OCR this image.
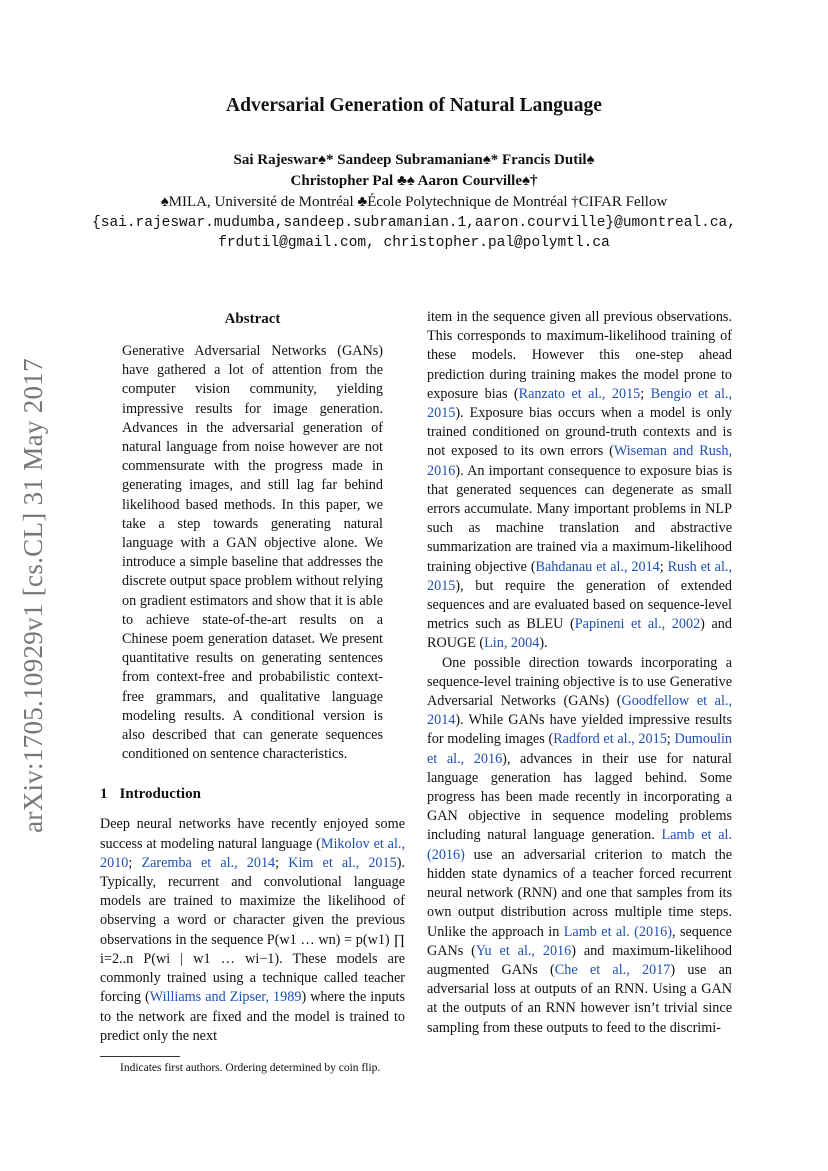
arXiv:1705.10929v1 [cs.CL] 31 May 2017
Adversarial Generation of Natural Language
Sai Rajeswar♠* Sandeep Subramanian♠* Francis Dutil♠
Christopher Pal ♣♠ Aaron Courville♠†
♠MILA, Université de Montréal ♣École Polytechnique de Montréal †CIFAR Fellow
{sai.rajeswar.mudumba,sandeep.subramanian.1,aaron.courville}@umontreal.ca,
frdutil@gmail.com, christopher.pal@polymtl.ca
Abstract
Generative Adversarial Networks (GANs) have gathered a lot of attention from the computer vision community, yielding impressive results for image generation. Advances in the adversarial generation of natural language from noise however are not commensurate with the progress made in generating images, and still lag far behind likelihood based methods. In this paper, we take a step towards generating natural language with a GAN objective alone. We introduce a simple baseline that addresses the discrete output space problem without relying on gradient estimators and show that it is able to achieve state-of-the-art results on a Chinese poem generation dataset. We present quantitative results on generating sentences from context-free and probabilistic context-free grammars, and qualitative language modeling results. A conditional version is also described that can generate sequences conditioned on sentence characteristics.
1 Introduction

Deep neural networks have recently enjoyed some success at modeling natural language (Mikolov et al., 2010; Zaremba et al., 2014; Kim et al., 2015). Typically, recurrent and convolutional language models are trained to maximize the likelihood of observing a word or character given the previous observations in the sequence P(w1 … wn) = p(w1) ∏ i=2..n P(wi | w1 … wi−1). These models are commonly trained using a technique called teacher forcing (Williams and Zipser, 1989) where the inputs to the network are fixed and the model is trained to predict only the next

Indicates first authors. Ordering determined by coin flip.

item in the sequence given all previous observations. This corresponds to maximum-likelihood training of these models. However this one-step ahead prediction during training makes the model prone to exposure bias (Ranzato et al., 2015; Bengio et al., 2015). Exposure bias occurs when a model is only trained conditioned on ground-truth contexts and is not exposed to its own errors (Wiseman and Rush, 2016). An important consequence to exposure bias is that generated sequences can degenerate as small errors accumulate. Many important problems in NLP such as machine translation and abstractive summarization are trained via a maximum-likelihood training objective (Bahdanau et al., 2014; Rush et al., 2015), but require the generation of extended sequences and are evaluated based on sequence-level metrics such as BLEU (Papineni et al., 2002) and ROUGE (Lin, 2004).

One possible direction towards incorporating a sequence-level training objective is to use Generative Adversarial Networks (GANs) (Goodfellow et al., 2014). While GANs have yielded impressive results for modeling images (Radford et al., 2015; Dumoulin et al., 2016), advances in their use for natural language generation has lagged behind. Some progress has been made recently in incorporating a GAN objective in sequence modeling problems including natural language generation. Lamb et al. (2016) use an adversarial criterion to match the hidden state dynamics of a teacher forced recurrent neural network (RNN) and one that samples from its own output distribution across multiple time steps. Unlike the approach in Lamb et al. (2016), sequence GANs (Yu et al., 2016) and maximum-likelihood augmented GANs (Che et al., 2017) use an adversarial loss at outputs of an RNN. Using a GAN at the outputs of an RNN however isn’t trivial since sampling from these outputs to feed to the discrimi-
